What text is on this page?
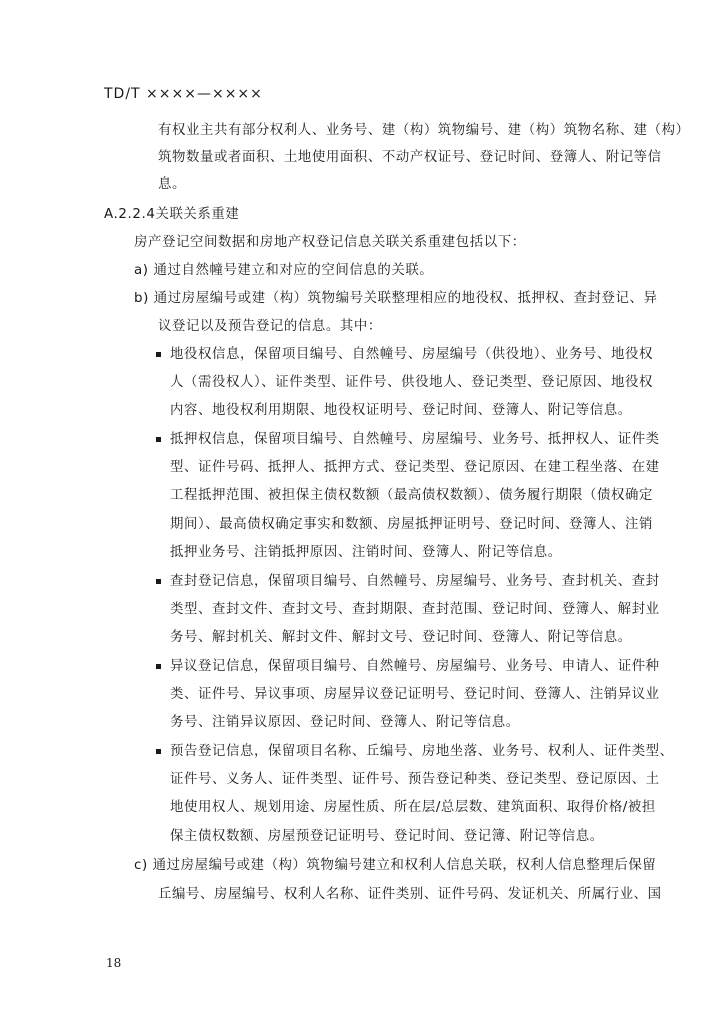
TD/T ××××—××××
有权业主共有部分权利人、业务号、建（构）筑物编号、建（构）筑物名称、建（构）
筑物数量或者面积、土地使用面积、不动产权证号、登记时间、登簿人、附记等信
息。
A.2.2.4关联关系重建
房产登记空间数据和房地产权登记信息关联关系重建包括以下：
a) 通过自然幢号建立和对应的空间信息的关联。
b) 通过房屋编号或建（构）筑物编号关联整理相应的地役权、抵押权、查封登记、异
议登记以及预告登记的信息。其中：
地役权信息，保留项目编号、自然幢号、房屋编号（供役地）、业务号、地役权
人（需役权人）、证件类型、证件号、供役地人、登记类型、登记原因、地役权
内容、地役权利用期限、地役权证明号、登记时间、登簿人、附记等信息。
抵押权信息，保留项目编号、自然幢号、房屋编号、业务号、抵押权人、证件类
型、证件号码、抵押人、抵押方式、登记类型、登记原因、在建工程坐落、在建
工程抵押范围、被担保主债权数额（最高债权数额）、债务履行期限（债权确定
期间）、最高债权确定事实和数额、房屋抵押证明号、登记时间、登簿人、注销
抵押业务号、注销抵押原因、注销时间、登簿人、附记等信息。
查封登记信息，保留项目编号、自然幢号、房屋编号、业务号、查封机关、查封
类型、查封文件、查封文号、查封期限、查封范围、登记时间、登簿人、解封业
务号、解封机关、解封文件、解封文号、登记时间、登簿人、附记等信息。
异议登记信息，保留项目编号、自然幢号、房屋编号、业务号、申请人、证件种
类、证件号、异议事项、房屋异议登记证明号、登记时间、登簿人、注销异议业
务号、注销异议原因、登记时间、登簿人、附记等信息。
预告登记信息，保留项目名称、丘编号、房地坐落、业务号、权利人、证件类型、
证件号、义务人、证件类型、证件号、预告登记种类、登记类型、登记原因、土
地使用权人、规划用途、房屋性质、所在层/总层数、建筑面积、取得价格/被担
保主债权数额、房屋预登记证明号、登记时间、登记簿、附记等信息。
c) 通过房屋编号或建（构）筑物编号建立和权利人信息关联，权利人信息整理后保留
丘编号、房屋编号、权利人名称、证件类别、证件号码、发证机关、所属行业、国
18
